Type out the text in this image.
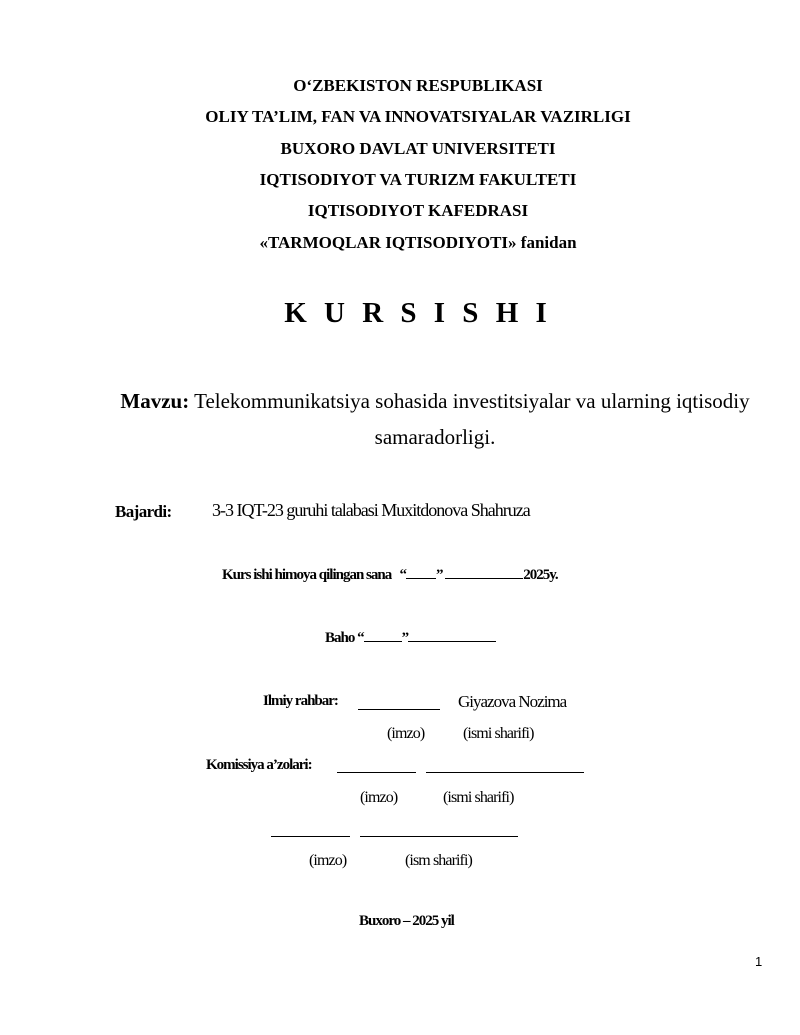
O‘ZBEKISTON RESPUBLIKASI
OLIY TA’LIM, FAN VA INNOVATSIYALAR VAZIRLIGI
BUXORO DAVLAT UNIVERSITETI
IQTISODIYOT VA TURIZM FAKULTETI
IQTISODIYOT KAFEDRASI
«TARMOQLAR IQTISODIYOTI» fanidan
K U R S I S H I
Mavzu: Telekommunikatsiya sohasida investitsiyalar va ularning iqtisodiy samaradorligi.
Bajardi: 3-3 IQT-23 guruhi talabasi Muxitdonova Shahruza
Kurs ishi himoya qilingan sana “ ”	2025y.
Baho “	”
Ilmiy rahbar:	Giyazova Nozima
(imzo) (ismi sharifi)
Komissiya a’zolari:
(imzo)	(ismi sharifi)
(imzo)	(ism sharifi)
Buxoro – 2025 yil
1
